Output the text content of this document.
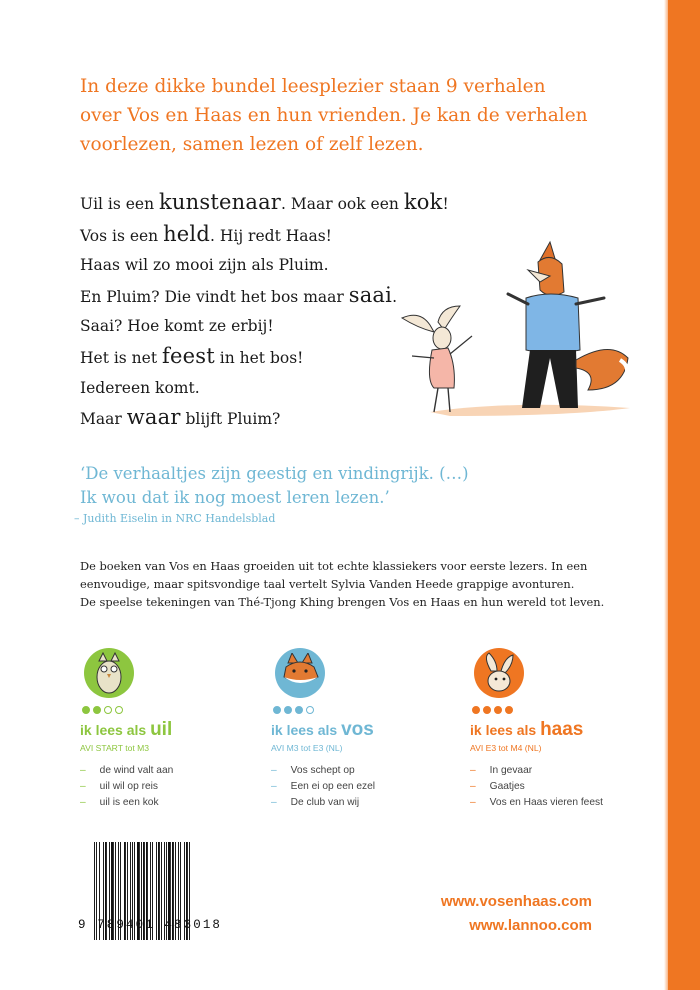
In deze dikke bundel leesplezier staan 9 verhalen
over Vos en Haas en hun vrienden. Je kan de verhalen
voorlezen, samen lezen of zelf lezen.

Uil is een kunstenaar. Maar ook een kok!
Vos is een held. Hij redt Haas!
Haas wil zo mooi zijn als Pluim.
En Pluim? Die vindt het bos maar saai.
Saai? Hoe komt ze erbij!
Het is net feest in het bos!
Iedereen komt.
Maar waar blijft Pluim?

‘De verhaaltjes zijn geestig en vindingrijk. (…)
Ik wou dat ik nog moest leren lezen.’

– Judith Eiselin in NRC Handelsblad

De boeken van Vos en Haas groeiden uit tot echte klassiekers voor eerste lezers. In een
eenvoudige, maar spitsvondige taal vertelt Sylvia Vanden Heede grappige avonturen.
De speelse tekeningen van Thé-Tjong Khing brengen Vos en Haas en hun wereld tot leven.

ik lees als uil
AVI START tot M3
– de wind valt aan
– uil wil op reis
– uil is een kok
ik lees als vos
AVI M3 tot E3 (NL)
– Vos schept op
– Een ei op een ezel
– De club van wij
ik lees als haas
AVI E3 tot M4 (NL)
– In gevaar
– Gaatjes
– Vos en Haas vieren feest
9 789401 483018
www.vosenhaas.com
www.lannoo.com
